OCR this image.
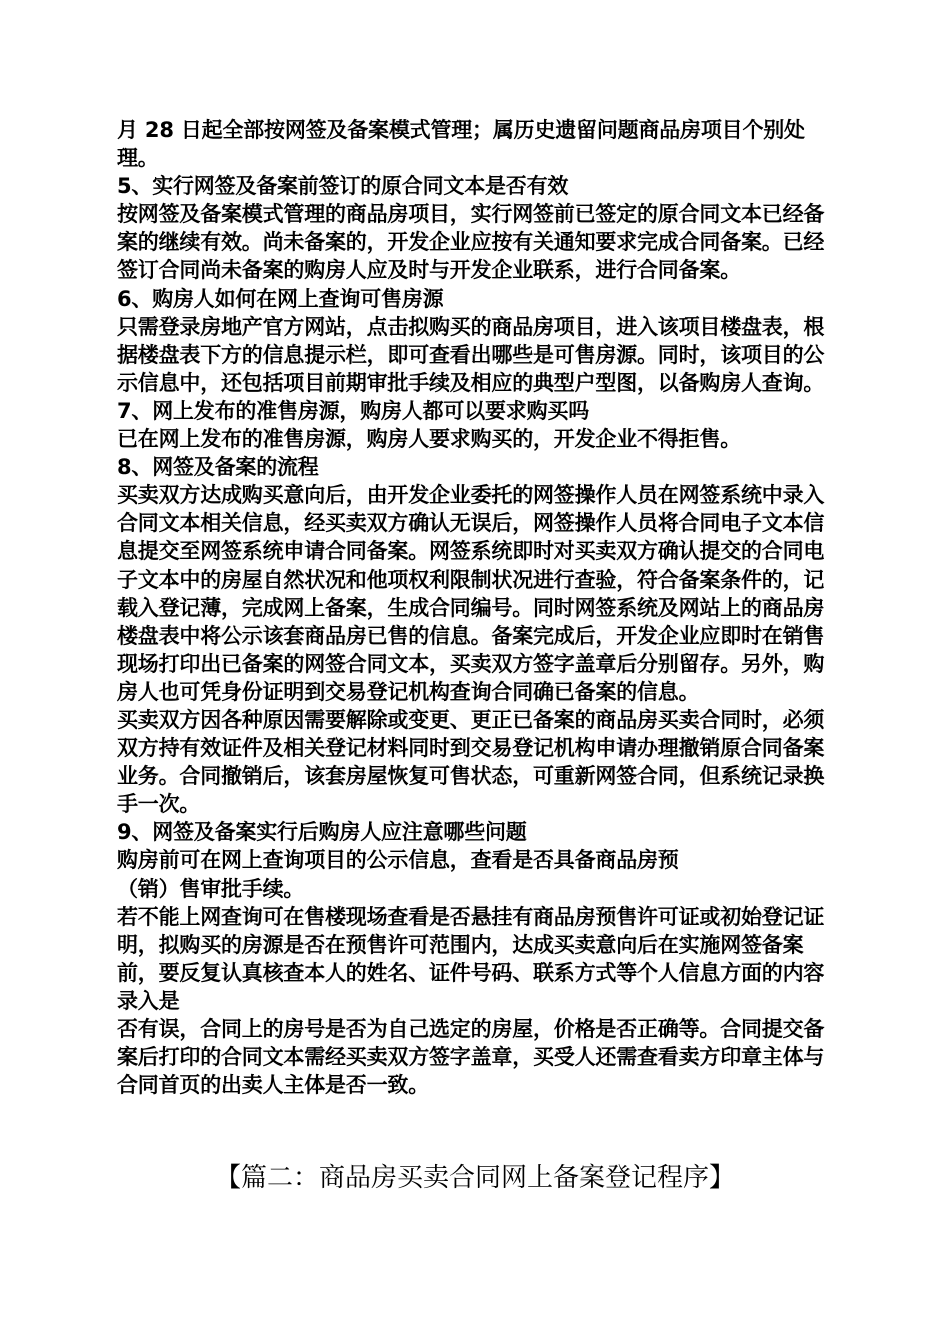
月 28 日起全部按网签及备案模式管理；属历史遗留问题商品房项目个别处理。

5、实行网签及备案前签订的原合同文本是否有效

按网签及备案模式管理的商品房项目，实行网签前已签定的原合同文本已经备案的继续有效。尚未备案的，开发企业应按有关通知要求完成合同备案。已经签订合同尚未备案的购房人应及时与开发企业联系，进行合同备案。

6、购房人如何在网上查询可售房源

只需登录房地产官方网站，点击拟购买的商品房项目，进入该项目楼盘表，根据楼盘表下方的信息提示栏，即可查看出哪些是可售房源。同时，该项目的公示信息中，还包括项目前期审批手续及相应的典型户型图，以备购房人查询。

7、网上发布的准售房源，购房人都可以要求购买吗

已在网上发布的准售房源，购房人要求购买的，开发企业不得拒售。

8、网签及备案的流程

买卖双方达成购买意向后，由开发企业委托的网签操作人员在网签系统中录入合同文本相关信息，经买卖双方确认无误后，网签操作人员将合同电子文本信息提交至网签系统申请合同备案。网签系统即时对买卖双方确认提交的合同电子文本中的房屋自然状况和他项权利限制状况进行查验，符合备案条件的，记载入登记薄，完成网上备案，生成合同编号。同时网签系统及网站上的商品房楼盘表中将公示该套商品房已售的信息。备案完成后，开发企业应即时在销售现场打印出已备案的网签合同文本，买卖双方签字盖章后分别留存。另外，购房人也可凭身份证明到交易登记机构查询合同确已备案的信息。

买卖双方因各种原因需要解除或变更、更正已备案的商品房买卖合同时，必须双方持有效证件及相关登记材料同时到交易登记机构申请办理撤销原合同备案业务。合同撤销后，该套房屋恢复可售状态，可重新网签合同，但系统记录换手一次。

9、网签及备案实行后购房人应注意哪些问题

购房前可在网上查询项目的公示信息，查看是否具备商品房预

（销）售审批手续。

若不能上网查询可在售楼现场查看是否悬挂有商品房预售许可证或初始登记证明，拟购买的房源是否在预售许可范围内，达成买卖意向后在实施网签备案前，要反复认真核查本人的姓名、证件号码、联系方式等个人信息方面的内容录入是

否有误，合同上的房号是否为自己选定的房屋，价格是否正确等。合同提交备案后打印的合同文本需经买卖双方签字盖章，买受人还需查看卖方印章主体与合同首页的出卖人主体是否一致。

【篇二：商品房买卖合同网上备案登记程序】
